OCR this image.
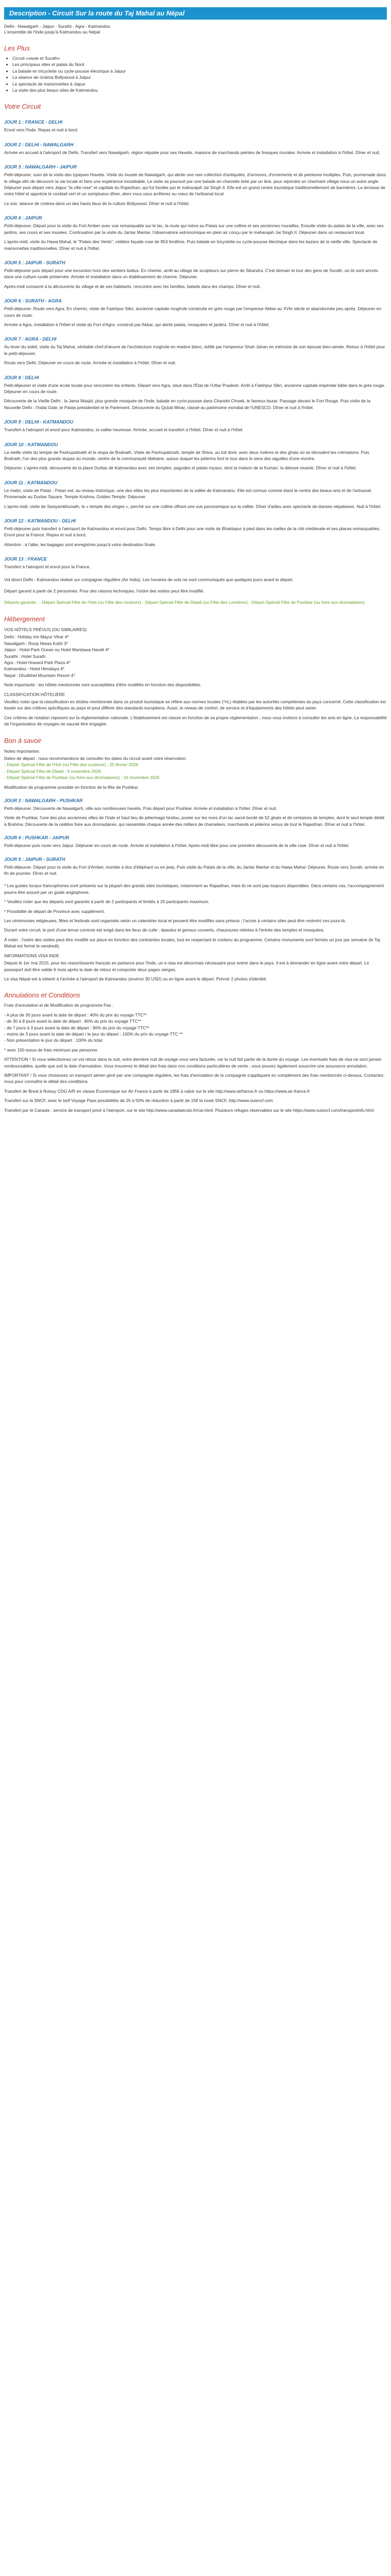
Description - Circuit Sur la route du Taj Mahal au Népal
Delhi - Nawalgarh - Jaipur - Surathi - Agra - Katmandou
L'ensemble de l'Inde jusqu'à Katmandou au Népal
Les Plus
• Circuit «vaute et Surath»
• Les principaux sites et palais du Nord
• La balade en tricyclette ou cycle-pousse électrique à Jaipur
• La séance de cinéma Bollywood à Jaipur
• Le spectacle de marionnettes à Jaipur
• La visite des plus beaux sites de Katmandou
Votre Circuit
JOUR 1 : FRANCE - DELHI

Envol vers l'Inde. Repas et nuit à bord.

JOUR 2 : DELHI - NAWALGARH

Arrivée en accueil à l'aéroport de Delhi. Transfert vers Nawalgarh, région réputée pour ses Havelis, maisons de marchands peintes de fresques murales. Arrivée et installation à l'hôtel. Dîner et nuit.

JOUR 3 : NAWALGARH - JAIPUR

Petit-déjeuner, suivi de la visite des typiques Havelis. Visite du musée de Nawalgarh, qui abrite une rare collection d'antiquités, d'armures, d'ornements et de peintures multiples. Puis, promenade dans le village afin de découvrir la vie locale et faire une expérience inoubliable. Le visite se poursuit par une balade en charrette tirée par un âne, pour rejoindre un charmant village nous un autre angle. Déjeuner puis départ vers Jaipur "la ville rose" et capitale du Rajasthan, qui fut fondée par le maharajah Jai Singh II. Elle est un grand centre touristique traditionnellement de bannières. La terrasse de notre hôtel et apprécie le cocktail vert et un somptueux dîner, alors vous vous arrêterez au cœur de l'artisanat local.

Le soir, séance de cinéma dans un des hauts lieux de la culture Bollywood. Dîner et nuit à l'hôtel.

JOUR 4 : JAIPUR

Petit-déjeuner. Départ pour la visite du Fort Amber avec vue remarquable sur le lac, la route qui mène au Palais sur une colline et ses anciennes murailles. Ensuite visite du palais de la ville, avec ses jardins, ses cours et ses musées. Continuation par la visite du Jantar Mantar, l'observatoire astronomique en plein air conçu par le maharajah Jai Singh II. Déjeuner dans un restaurant local.

L'après-midi, visite du Hawa Mahal, le "Palais des Vents", célèbre façade rose de 953 fenêtres. Puis balade en tricyclette ou cycle-pousse électrique dans les bazars de la vieille ville. Spectacle de marionnettes traditionnelles. Dîner et nuit à l'hôtel.

JOUR 5 : JAIPUR - SURATH

Petit-déjeuner puis départ pour une excursion hors des sentiers battus. En chemin, arrêt au village de sculpteurs sur pierre de Sikandra. C'est demain le tour des gens de Surath, où ils sont ancrés dans une culture rurale préservée. Arrivée et installation dans un établissement de charme. Déjeuner.

Après-midi consacré à la découverte du village et de ses habitants, rencontre avec les familles, balade dans les champs. Dîner et nuit.

JOUR 6 : SURATH - AGRA

Petit-déjeuner. Route vers Agra. En chemin, visite de Fatehpur Sikri, ancienne capitale moghole construite en grès rouge par l'empereur Akbar au XVIe siècle et abandonnée peu après. Déjeuner en cours de route.

Arrivée à Agra, installation à l'hôtel et visite du Fort d'Agra, construit par Akbar, qui abrite palais, mosquées et jardins. Dîner et nuit à l'hôtel.

JOUR 7 : AGRA - DELHI

Au lever du soleil, visite du Taj Mahal, véritable chef-d'œuvre de l'architecture moghole en marbre blanc, édifié par l'empereur Shah Jahan en mémoire de son épouse bien-aimée. Retour à l'hôtel pour le petit-déjeuner.

Route vers Delhi. Déjeuner en cours de route. Arrivée et installation à l'hôtel. Dîner et nuit.

JOUR 8 : DELHI

Petit-déjeuner et visite d'une école locale pour rencontrer les enfants. Départ vers Agra, situé dans l'État de l'Uttar Pradesh. Arrêt à Fatehpur Sikri, ancienne capitale impériale bâtie dans le grès rouge. Déjeuner en cours de route.

Découverte de la Vieille Delhi : la Jama Masjid, plus grande mosquée de l'Inde, balade en cyclo-pousse dans Chandni Chowk, le fameux bazar. Passage devant le Fort Rouge. Puis visite de la Nouvelle Delhi : l'India Gate, le Palais présidentiel et le Parlement. Découverte du Qutub Minar, classé au patrimoine mondial de l'UNESCO. Dîner et nuit à l'hôtel.

JOUR 9 : DELHI - KATMANDOU

Transfert à l'aéroport et envol pour Katmandou, la vallée heureuse. Arrivée, accueil et transfert à l'hôtel. Dîner et nuit à l'hôtel.

JOUR 10 : KATMANDOU

La vieille visite du temple de Pashupatinath et le stupa de Bodnath. Visite de Pashupatinath, temple de Shiva, au toit doré, avec deux rivières et des ghats où se déroulent les crémations. Puis Bodnath, l'un des plus grands stupas du monde, centre de la communauté tibétaine, autour duquel les pèlerins font le tour dans le sens des aiguilles d'une montre.

Déjeuner. L'après-midi, découverte de la place Durbar de Katmandou avec ses temples, pagodes et palais royaux, dont la maison de la Kumari, la déesse vivante. Dîner et nuit à l'hôtel.

JOUR 11 : KATMANDOU

Le matin, visite de Patan : Patan est, au niveau historique, une des villes les plus importantes de la vallée de Katmandou. Elle est connue comme étant le centre des beaux-arts et de l'artisanat. Promenade au Durbar Square, Temple Krishna, Golden Temple. Déjeuner.

L'après-midi, visite de Swayambhunath, le « temple des singes », perché sur une colline offrant une vue panoramique sur la vallée. Dîner d'adieu avec spectacle de danses népalaises. Nuit à l'hôtel.

JOUR 12 : KATMANDOU - DELHI

Petit-déjeuner puis transfert à l'aéroport de Katmandou et envol pour Delhi. Temps libre à Delhi pour une visite de Bhaktapur à pied dans les ruelles de la cité médiévale et ses places remarquables. Envol pour la France. Repas et nuit à bord.

Attention : à l'aller, les bagages sont enregistrés jusqu'à votre destination finale.

JOUR 13 : FRANCE

Transfert à l'aéroport et envol pour la France.

Vol direct Delhi - Katmandou réalisé sur compagnie régulière (Air India). Les horaires de vols ne sont communiqués que quelques jours avant le départ.

Départ garanti à partir de 2 personnes. Pour des raisons techniques, l'ordre des visites peut être modifié.

Départs garantis : - Départ Spécial Fête de l'Holi (ou Fête des couleurs) - Départ Spécial Fête de Diwali (ou Fête des Lumières) - Départ Spécial Fête de Pushkar (ou foire aux dromadaires)

Hébergement

VOS HÔTELS PRÉVUS (OU SIMILAIRES)

Delhi : Holiday Inn Mayur Vihar 4*
Nawalgarh : Roop Niwas Kothi 3*
Jaipur : Hotel Park Ocean ou Hotel Mandawa Haveli 4*
Surathi : Hotel Surath
Agra : Hotel Howard Park Plaza 4*
Katmandou : Hotel Himalaya 4*
Nepal : Dhulikhel Mountain Resort 4*

Note importante : les hôtels mentionnés sont susceptibles d'être modifiés en fonction des disponibilités.

CLASSIFICATION HÔTELIÈRE

Veuillez noter que la classification en étoiles mentionnée dans ce produit touristique se réfère aux normes locales (*nL) établies par les autorités compétentes du pays concerné. Cette classification est basée sur des critères spécifiques au pays et peut différer des standards européens. Aussi, le niveau de confort, de service et d'équipements des hôtels peut varier.

Ces critères de notation reposent sur la réglementation nationale. L'établissement est classé en fonction de sa propre réglementation ; nous vous invitons à consulter les avis en ligne. La responsabilité de l'organisateur de voyages ne saurait être engagée.

Bon à savoir

Notes importantes

Dates de départ : nous recommandons de consulter les dates du circuit avant votre réservation.
- Départ Spécial Fête de l'Holi (ou Fête des couleurs) : 25 février 2026
- Départ Spécial Fête de Diwali : 4 novembre 2026
- Départ Spécial Fête de Pushkar (ou foire aux dromadaires) : 16 novembre 2026

Modification de programme possible en fonction de la fête de Pushkar.

JOUR 3 : NAWALGARH - PUSHKAR

Petit-déjeuner. Découverte de Nawalgarh, ville aux nombreuses havelis. Puis départ pour Pushkar. Arrivée et installation à l'hôtel. Dîner et nuit.

Visite de Pushkar, l'une des plus anciennes villes de l'Inde et haut lieu de pèlerinage hindou, posée sur les rives d'un lac sacré bordé de 52 ghats et de centaines de temples, dont le seul temple dédié à Brahma. Découverte de la célèbre foire aux dromadaires, qui rassemble chaque année des milliers de chameliers, marchands et pèlerins venus de tout le Rajasthan. Dîner et nuit à l'hôtel.

JOUR 4 : PUSHKAR - JAIPUR

Petit-déjeuner puis route vers Jaipur. Déjeuner en cours de route. Arrivée et installation à l'hôtel. Après-midi libre pour une première découverte de la ville rose. Dîner et nuit à l'hôtel.

JOUR 5 : JAIPUR - SURATH

Petit-déjeuner. Départ pour la visite du Fort d'Amber, montée à dos d'éléphant ou en jeep. Puis visite du Palais de la ville, du Jantar Mantar et du Hawa Mahal. Déjeuner. Route vers Surath, arrivée en fin de journée. Dîner et nuit.

* Les guides locaux francophones sont présents sur la plupart des grands sites touristiques, notamment au Rajasthan, mais ils ne sont pas toujours disponibles. Dans certains cas, l'accompagnement pourra être assuré par un guide anglophone.

* Veuillez noter que les départs sont garantis à partir de 2 participants et limités à 20 participants maximum.

* Possibilité de départ de Province avec supplément.

Les cérémonies religieuses, fêtes et festivals sont organisés selon un calendrier local et peuvent être modifiés sans préavis ; l'accès à certains sites peut être restreint ces jours-là.

Durant votre circuit, le port d'une tenue correcte est exigé dans les lieux de culte : épaules et genoux couverts, chaussures retirées à l'entrée des temples et mosquées.

À noter : l'ordre des visites peut être modifié sur place en fonction des contraintes locales, tout en respectant le contenu du programme. Certains monuments sont fermés un jour par semaine (le Taj Mahal est fermé le vendredi).

INFORMATIONS VISA INDE

Depuis le 1er mai 2015, pour les ressortissants français en partance pour l'Inde, un e-visa est désormais nécessaire pour entrer dans le pays. Il est à demander en ligne avant votre départ. Le passeport doit être valide 6 mois après la date de retour et comporter deux pages vierges.

Le visa Népal est à obtenir à l'arrivée à l'aéroport de Katmandou (environ 30 USD) ou en ligne avant le départ. Prévoir 2 photos d'identité.

Annulations et Conditions

Frais d'annulation et de Modification de programme Pax :

- A plus de 30 jours avant la date de départ : 40% du prix du voyage TTC**
- de 30 à 8 jours avant la date de départ : 80% du prix du voyage TTC**
- de 7 jours à 3 jours avant la date de départ : 90% du prix du voyage TTC**
- moins de 3 jours avant la date de départ / le jour du départ : 100% du prix du voyage TTC **
- Non présentation le jour du départ : 100% du total.

* avec 150 euros de frais minimum par personne

ATTENTION ! Si vous sélectionnez un vol retour dans la nuit, votre dernière nuit de voyage vous sera facturée, car la nuit fait partie de la durée du voyage. Les éventuels frais de visa ne sont jamais remboursables, quelle que soit la date d'annulation. Vous trouverez le détail des frais dans nos conditions particulières de vente ; vous pouvez également souscrire une assurance annulation.

IMPORTANT ! Si vous choisissez un transport aérien géré par une compagnie régulière, les frais d'annulation de la compagnie s'appliquent en complément des frais mentionnés ci-dessus. Contactez-nous pour connaître le détail des conditions.

Transfert de Brest à Roissy CDG A/R en classe Économique sur Air France à partir de 185€ à valoir sur le site http://www.airfrance.fr ou https://www.air-france.fr

Transfert sur la SNCF, avec le tarif Voyage Pass possibilités de 25 à 50% de réduction à partir de 15€ la route SNCF, http://www.ouisncf.com

Transfert par le Canada : service de transport privé à l'aéroport, sur le site http://www.canadaecolo.fr/rue.html. Plusieurs refuges réservables sur le site https://www.ouisncf.com/transportinfo.html
